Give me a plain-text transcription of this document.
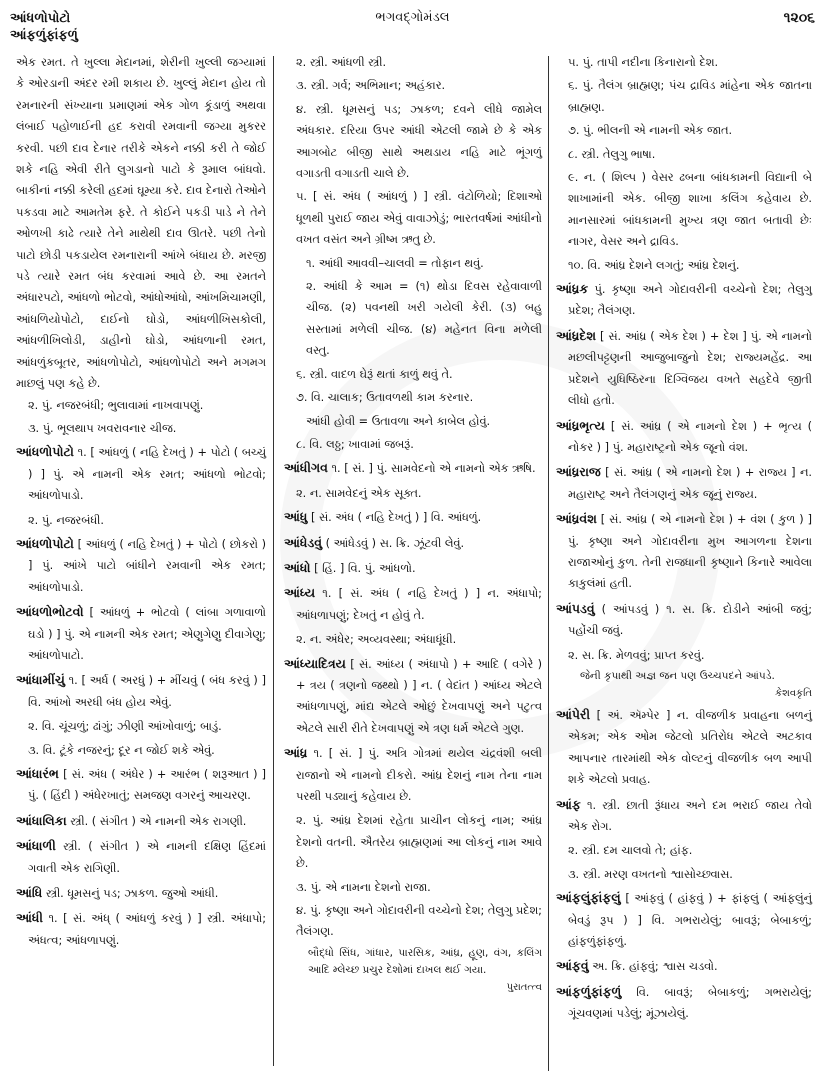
આંધળોપોટો
આંફળુંફાંફળું
ભગવદ્ગોમંડલ	૧૨૦૬
એક રમત. તે ખુલ્લા મેદાનમાં, શેરીની ખુલ્લી જગ્યામાં કે ઓરડાની અંદર રમી શકાય છે. ખુલ્લું મેદાન હોય તો રમનારની સંખ્યાના પ્રમાણમાં એક ગોળ કૂંડાળું અથવા લંબાઈ પહોળાઈની હદ કરાવી રમવાની જગ્યા મુકરર કરવી. પછી દાવ દેનાર તરીકે એકને નક્કી કરી તે જોઈ શકે નહિ એવી રીતે લુગડાનો પાટો કે રૂમાલ બાંધવો. બાકીનાં નક્કી કરેલી હદમાં ઘૂમ્યા કરે. દાવ દેનારો તેઓને પકડવા માટે આમતેમ ફરે. તે કોઈને પકડી પાડે ને તેને ઓળખી કાઢે ત્યારે તેને માથેથી દાવ ઊતરે. પછી તેનો પાટો છોડી પકડાયેલ રમનારાની આંખે બંધાય છે. મરજી પડે ત્યારે રમત બંધ કરવામાં આવે છે. આ રમતને અંધારપટો, આંધળો ભોટવો, આંધોઆંધો, આંખમિચામણી, આંધળિયોપોટો, દાઈનો ઘોડો, આંધળીખિસકોલી, આંધળીખિલોડી, ડાહીનો ઘોડો, આંધળાની રમત, આંધળુંકબૂતર, આંધળોપોટો, આંધળોપોટો અને મગમગ માછલું પણ કહે છે.
૨. પું. નજરબંધી; ભુલાવામાં નાખવાપણું.
૩. પું. ભૂલથાપ ખવરાવનાર ચીજ.
આંધળોપોટો ૧. [ આંધળું ( નહિ દેખતું ) + પોટો ( બચ્ચું ) ] પું. એ નામની એક રમત; આંધળો ભોટવો; આંધળોપાડો.
૨. પું. નજરબંધી.
આંધળોપોટો [ આંધળું ( નહિ દેખતું ) + પોટો ( છોકરો ) ] પું. આંખે પાટો બાંધીને રમવાની એક રમત; આંધળોપાડો.
આંધળોભોટવો [ આંધળું + ભોટવો ( લાંબા ગળાવાળો ઘડો ) ] પું. એ નામની એક રમત; એણુગેણુ દીવાગેણુ; આંધળોપાટો.
આંધામીંચું ૧. [ અર્ધ ( અરધું ) + મીંચવું ( બંધ કરવું ) ] વિ. આંખો અરધી બંધ હોય એવું.
૨. વિ. ચૂંચળું; ઢાંગું; ઝીણી આંખોવાળું; બાડું.
૩. વિ. ટૂંકે નજરનું; દૂર ન જોઈ શકે એવું.
આંધારંભ [ સં. અંધ ( અંધેર ) + આરંભ ( શરૂઆત ) ] પું. ( હિંદી ) અંધેરખાતું; સમજણ વગરનું આચરણ.
આંધાલિકા સ્ત્રી. ( સંગીત ) એ નામની એક રાગણી.
આંધાળી સ્ત્રી. ( સંગીત ) એ નામની દક્ષિણ હિંદમાં ગવાતી એક રાગિણી.
આંધિ સ્ત્રી. ધૂમસનું પડ; ઝાકળ. જુઓ આંધી.
આંધી ૧. [ સં. અંધ્ ( આંધળું કરવું ) ] સ્ત્રી. અંધાપો; અંધત્વ; આંધળાપણું.
૨. સ્ત્રી. આંધળી સ્ત્રી.
૩. સ્ત્રી. ગર્વ; અભિમાન; અહંકાર.
૪. સ્ત્રી. ધૂમસનું પડ; ઝાકળ; દવને લીધે જામેલ અંધકાર. દરિયા ઉપર આંધી એટલી જામે છે કે એક આગબોટ બીજી સાથે અથડાય નહિ માટે ભૂંગળું વગાડતી વગાડતી ચાલે છે.
૫. [ સં. અંધ ( આંધળું ) ] સ્ત્રી. વંટોળિયો; દિશાઓ ધૂળથી પુરાઈ જાય એવું વાવાઝોડું; ભારતવર્ષમાં આંધીનો વખત વસંત અને ગ્રીષ્મ ઋતુ છે.
૧. આંધી આવવી–ચાલવી = તોફાન થવું.
૨. આંધી કે આમ = (૧) થોડા દિવસ રહેવાવાળી ચીજ. (૨) પવનથી ખરી ગયેલી કેરી. (૩) બહુ સસ્તામાં મળેલી ચીજ. (૪) મહેનત વિના મળેલી વસ્તુ.
૬. સ્ત્રી. વાદળ ઘેરૂં થતાં કાળું થવું તે.
૭. વિ. ચાલાક; ઉતાવળથી કામ કરનાર.
આંધી હોવી = ઉતાવળા અને કાબેલ હોવું.
૮. વિ. લઠ્ઠ; ખાવામાં જબરૂં.
આંધીગવ ૧. [ સં. ] પું. સામવેદનો એ નામનો એક ઋષિ.
૨. ન. સામવેદનું એક સૂક્ત.
આંધુ [ સં. અંધ ( નહિ દેખતું ) ] વિ. આંધળું.
આંધેડવું ( આંધેડવું ) સ. ક્રિ. ઝૂંટવી લેવું.
આંધો [ હિં. ] વિ. પું. આંધળો.
આંધ્ય ૧. [ સં. અંધ ( નહિ દેખતું ) ] ન. અંધાપો; આંધળાપણું; દેખતું ન હોવું તે.
૨. ન. અંધેર; અવ્યવસ્થા; અંધાધૂંધી.
આંધ્યાદિત્રય [ સં. આંધ્ય ( અંધાપો ) + આદિ ( વગેરે ) + ત્રય ( ત્રણનો જથ્થો ) ] ન. ( વેદાંત ) આંધ્ય એટલે આંધળાપણું, માંદ્ય એટલે ઓછું દેખવાપણું અને પટુત્વ એટલે સારી રીતે દેખવાપણું એ ત્રણ ધર્મ એટલે ગુણ.
આંધ્ર ૧. [ સં. ] પું. અત્રિ ગોત્રમાં થયેલ ચંદ્રવંશી બલી રાજાનો એ નામનો દીકરો. આંધ્ર દેશનું નામ તેના નામ પરથી પડ્યાનું કહેવાય છે.
૨. પું. આંધ્ર દેશમાં રહેતા પ્રાચીન લોકનું નામ; આંધ્ર દેશનો વતની. ઐતરેય બ્રાહ્મણમાં આ લોકનું નામ આવે છે.
૩. પું. એ નામના દેશનો રાજા.
૪. પું. કૃષ્ણા અને ગોદાવરીની વચ્ચેનો દેશ; તેલુગુ પ્રદેશ; તૈલંગણ.
બૌદ્ધો સિંધ, ગાંધાર, પારસિક, આંધ્ર, હૂણ, વંગ, કલિંગ આદિ મ્લેચ્છ પ્રચુર દેશોમાં દાખલ થઈ ગયા.
પુરાતત્ત્વ
૫. પું. તાપી નદીના કિનારાનો દેશ.
૬. પું. તૈલંગ બ્રાહ્મણ; પંચ દ્રાવિડ માંહેના એક જાતના બ્રાહ્મણ.
૭. પું. ભીલની એ નામની એક જાત.
૮. સ્ત્રી. તેલુગુ ભાષા.
૯. ન. ( શિલ્પ ) વેસર ઢબના બાંધકામની વિદ્યાની બે શાખામાંની એક. બીજી શાખા કલિંગ કહેવાય છે. માનસારમાં બાંધકામની મુખ્ય ત્રણ જાત બતાવી છેઃ નાગર, વેસર અને દ્રાવિડ.
૧૦. વિ. આંધ્ર દેશને લગતું; આંધ્ર દેશનું.
આંધ્રક પું. કૃષ્ણા અને ગોદાવરીની વચ્ચેનો દેશ; તેલુગુ પ્રદેશ; તૈલંગણ.
આંધ્રદેશ [ સં. આંધ્ર ( એક દેશ ) + દેશ ] પું. એ નામનો મછલીપટ્ટણની આજુબાજુનો દેશ; રાજ્યમહેંદ્ર. આ પ્રદેશને યુધિષ્ઠિરના દિગ્વિજય વખતે સહદેવે જીતી લીધો હતો.
આંધ્રભૃત્ય [ સં. આંધ્ર ( એ નામનો દેશ ) + ભૃત્ય ( નોકર ) ] પું. મહારાષ્ટ્રનો એક જૂનો વંશ.
આંધ્રરાજ [ સં. આંધ્ર ( એ નામનો દેશ ) + રાજ્ય ] ન. મહારાષ્ટ્ર અને તૈલંગણનું એક જૂનું રાજ્ય.
આંધ્રવંશ [ સં. આંધ્ર ( એ નામનો દેશ ) + વંશ ( કુળ ) ] પું. કૃષ્ણા અને ગોદાવરીના મુખ આગળના દેશના રાજાઓનું કુળ. તેની રાજધાની કૃષ્ણાને કિનારે આવેલા કાકુલંમાં હતી.
આંપડવું ( આંપડવું ) ૧. સ. ક્રિ. દોડીને આંબી જવું; પહોંચી જવું.
૨. સ. ક્રિ. મેળવવું; પ્રાપ્ત કરવું.
જેની કૃપાથી અજ્ઞ જન પણ ઉચ્ચપદને આંપડે.
કેશવકૃતિ
આંપેરી [ અં. ઍમ્પેર ] ન. વીજળીક પ્રવાહના બળનું એકમ; એક ઓમ જેટલો પ્રતિરોધ એટલે અટકાવ આપનાર તારમાંથી એક વોલ્ટનું વીજળીક બળ આપી શકે એટલો પ્રવાહ.
આંફ ૧. સ્ત્રી. છાતી રૂંધાય અને દમ ભરાઈ જાય તેવો એક રોગ.
૨. સ્ત્રી. દમ ચાલવો તે; હાંફ.
૩. સ્ત્રી. મરણ વખતનો શ્વાસોચ્છ્વાસ.
આંફલુંફાંફલું [ આંફવું ( હાંફવું ) + ફાંફલું ( આંફલુંનું બેવડું રૂપ ) ] વિ. ગભરાયેલું; બાવરૂં; બેબાકળું; હાંફળુંફાંફળું.
આંફવું અ. ક્રિ. હાંફવું; શ્વાસ ચડવો.
આંફળુંફાંફળું વિ. બાવરૂં; બેબાકળું; ગભરાયેલું; ગૂંચવણમાં પડેલું; મૂંઝાયેલું.
